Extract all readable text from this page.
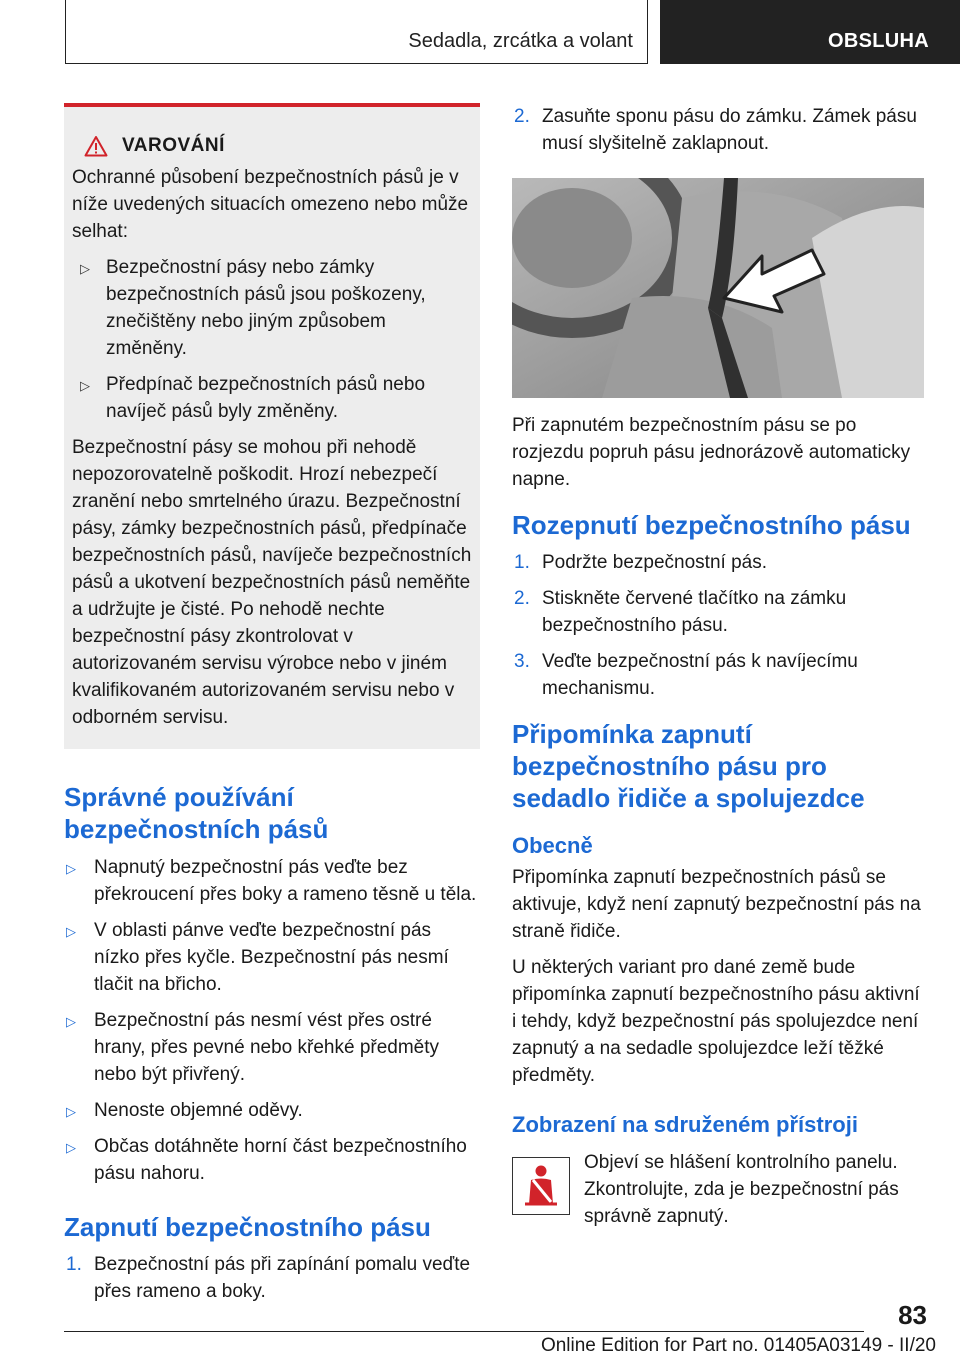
Sedadla, zrcátka a volant	OBSLUHA
VAROVÁNÍ

Ochranné působení bezpečnostních pásů je v níže uvedených situacích omezeno nebo může selhat:

▷ Bezpečnostní pásy nebo zámky bezpečnostních pásů jsou poškozeny, znečištěny nebo jiným způsobem změněny.
▷ Předpínač bezpečnostních pásů nebo navíječ pásů byly změněny.

Bezpečnostní pásy se mohou při nehodě nepozorovatelně poškodit. Hrozí nebezpečí zranění nebo smrtelného úrazu. Bezpečnostní pásy, zámky bezpečnostních pásů, předpínače bezpečnostních pásů, navíječe bezpečnostních pásů a ukotvení bezpečnostních pásů neměňte a udržujte je čisté. Po nehodě nechte bezpečnostní pásy zkontrolovat v autorizovaném servisu výrobce nebo v jiném kvalifikovaném autorizovaném servisu nebo v odborném servisu.

Správné používání bezpečnostních pásů
▷ Napnutý bezpečnostní pás veďte bez překroucení přes boky a rameno těsně u těla.
▷ V oblasti pánve veďte bezpečnostní pás nízko přes kyčle. Bezpečnostní pás nesmí tlačit na břicho.
▷ Bezpečnostní pás nesmí vést přes ostré hrany, přes pevné nebo křehké předměty nebo být přivřený.
▷ Nenoste objemné oděvy.
▷ Občas dotáhněte horní část bezpečnostního pásu nahoru.
Zapnutí bezpečnostního pásu
1. Bezpečnostní pás při zapínání pomalu veďte přes rameno a boky.
2. Zasuňte sponu pásu do zámku. Zámek pásu musí slyšitelně zaklapnout.

Při zapnutém bezpečnostním pásu se po rozjezdu popruh pásu jednorázově automaticky napne.

Rozepnutí bezpečnostního pásu
1. Podržte bezpečnostní pás.
2. Stiskněte červené tlačítko na zámku bezpečnostního pásu.
3. Veďte bezpečnostní pás k navíjecímu mechanismu.
Připomínka zapnutí bezpečnostního pásu pro sedadlo řidiče a spolujezdce
Obecně

Připomínka zapnutí bezpečnostních pásů se aktivuje, když není zapnutý bezpečnostní pás na straně řidiče.

U některých variant pro dané země bude připomínka zapnutí bezpečnostního pásu aktivní i tehdy, když bezpečnostní pás spolujezdce není zapnutý a na sedadle spolujezdce leží těžké předměty.

Zobrazení na sdruženém přístroji

Objeví se hlášení kontrolního panelu. Zkontrolujte, zda je bezpečnostní pás správně zapnutý.

83
Online Edition for Part no. 01405A03149 - II/20
